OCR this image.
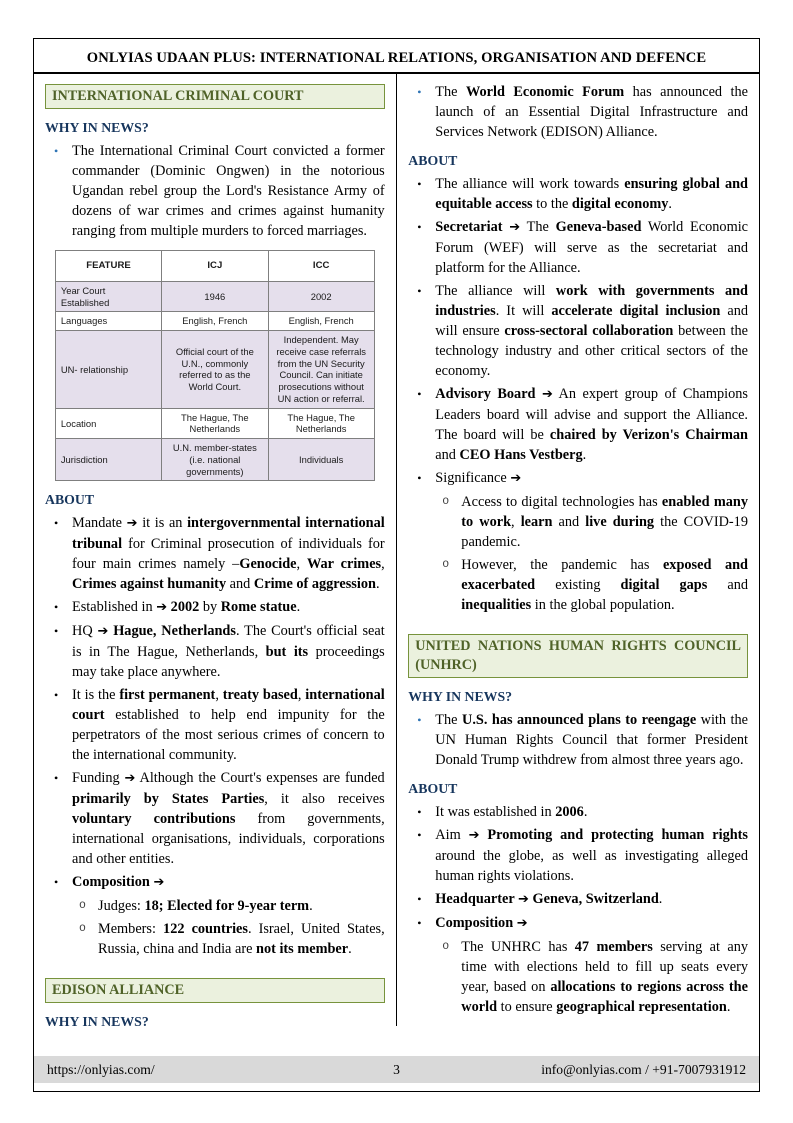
ONLYIAS UDAAN PLUS: INTERNATIONAL RELATIONS, ORGANISATION AND DEFENCE
INTERNATIONAL CRIMINAL COURT
WHY IN NEWS?
• The International Criminal Court convicted a former commander (Dominic Ongwen) in the notorious Ugandan rebel group the Lord's Resistance Army of dozens of war crimes and crimes against humanity ranging from multiple murders to forced marriages.
FEATURE	ICJ	ICC
Year Court Established	1946	2002
Languages	English, French	English, French
UN- relationship	Official court of the U.N., commonly referred to as the World Court.	Independent. May receive case referrals from the UN Security Council. Can initiate prosecutions without UN action or referral.
Location	The Hague, The Netherlands	The Hague, The Netherlands
Jurisdiction	U.N. member-states (i.e. national governments)	Individuals
ABOUT
• Mandate ➔ it is an intergovernmental international tribunal for Criminal prosecution of individuals for four main crimes namely –Genocide, War crimes, Crimes against humanity and Crime of aggression.
• Established in ➔ 2002 by Rome statue.
• HQ ➔ Hague, Netherlands. The Court's official seat is in The Hague, Netherlands, but its proceedings may take place anywhere.
• It is the first permanent, treaty based, international court established to help end impunity for the perpetrators of the most serious crimes of concern to the international community.
• Funding ➔ Although the Court's expenses are funded primarily by States Parties, it also receives voluntary contributions from governments, international organisations, individuals, corporations and other entities.
• Composition ➔
o Judges: 18; Elected for 9-year term.
o Members: 122 countries. Israel, United States, Russia, china and India are not its member.
EDISON ALLIANCE
WHY IN NEWS?
• The World Economic Forum has announced the launch of an Essential Digital Infrastructure and Services Network (EDISON) Alliance.
ABOUT
• The alliance will work towards ensuring global and equitable access to the digital economy.
• Secretariat ➔ The Geneva-based World Economic Forum (WEF) will serve as the secretariat and platform for the Alliance.
• The alliance will work with governments and industries. It will accelerate digital inclusion and will ensure cross-sectoral collaboration between the technology industry and other critical sectors of the economy.
• Advisory Board ➔ An expert group of Champions Leaders board will advise and support the Alliance. The board will be chaired by Verizon's Chairman and CEO Hans Vestberg.
• Significance ➔
o Access to digital technologies has enabled many to work, learn and live during the COVID-19 pandemic.
o However, the pandemic has exposed and exacerbated existing digital gaps and inequalities in the global population.
UNITED NATIONS HUMAN RIGHTS COUNCIL (UNHRC)
WHY IN NEWS?
• The U.S. has announced plans to reengage with the UN Human Rights Council that former President Donald Trump withdrew from almost three years ago.
ABOUT
• It was established in 2006.
• Aim ➔ Promoting and protecting human rights around the globe, as well as investigating alleged human rights violations.
• Headquarter ➔ Geneva, Switzerland.
• Composition ➔
o The UNHRC has 47 members serving at any time with elections held to fill up seats every year, based on allocations to regions across the world to ensure geographical representation.
https://onlyias.com/	3	info@onlyias.com / +91-7007931912
